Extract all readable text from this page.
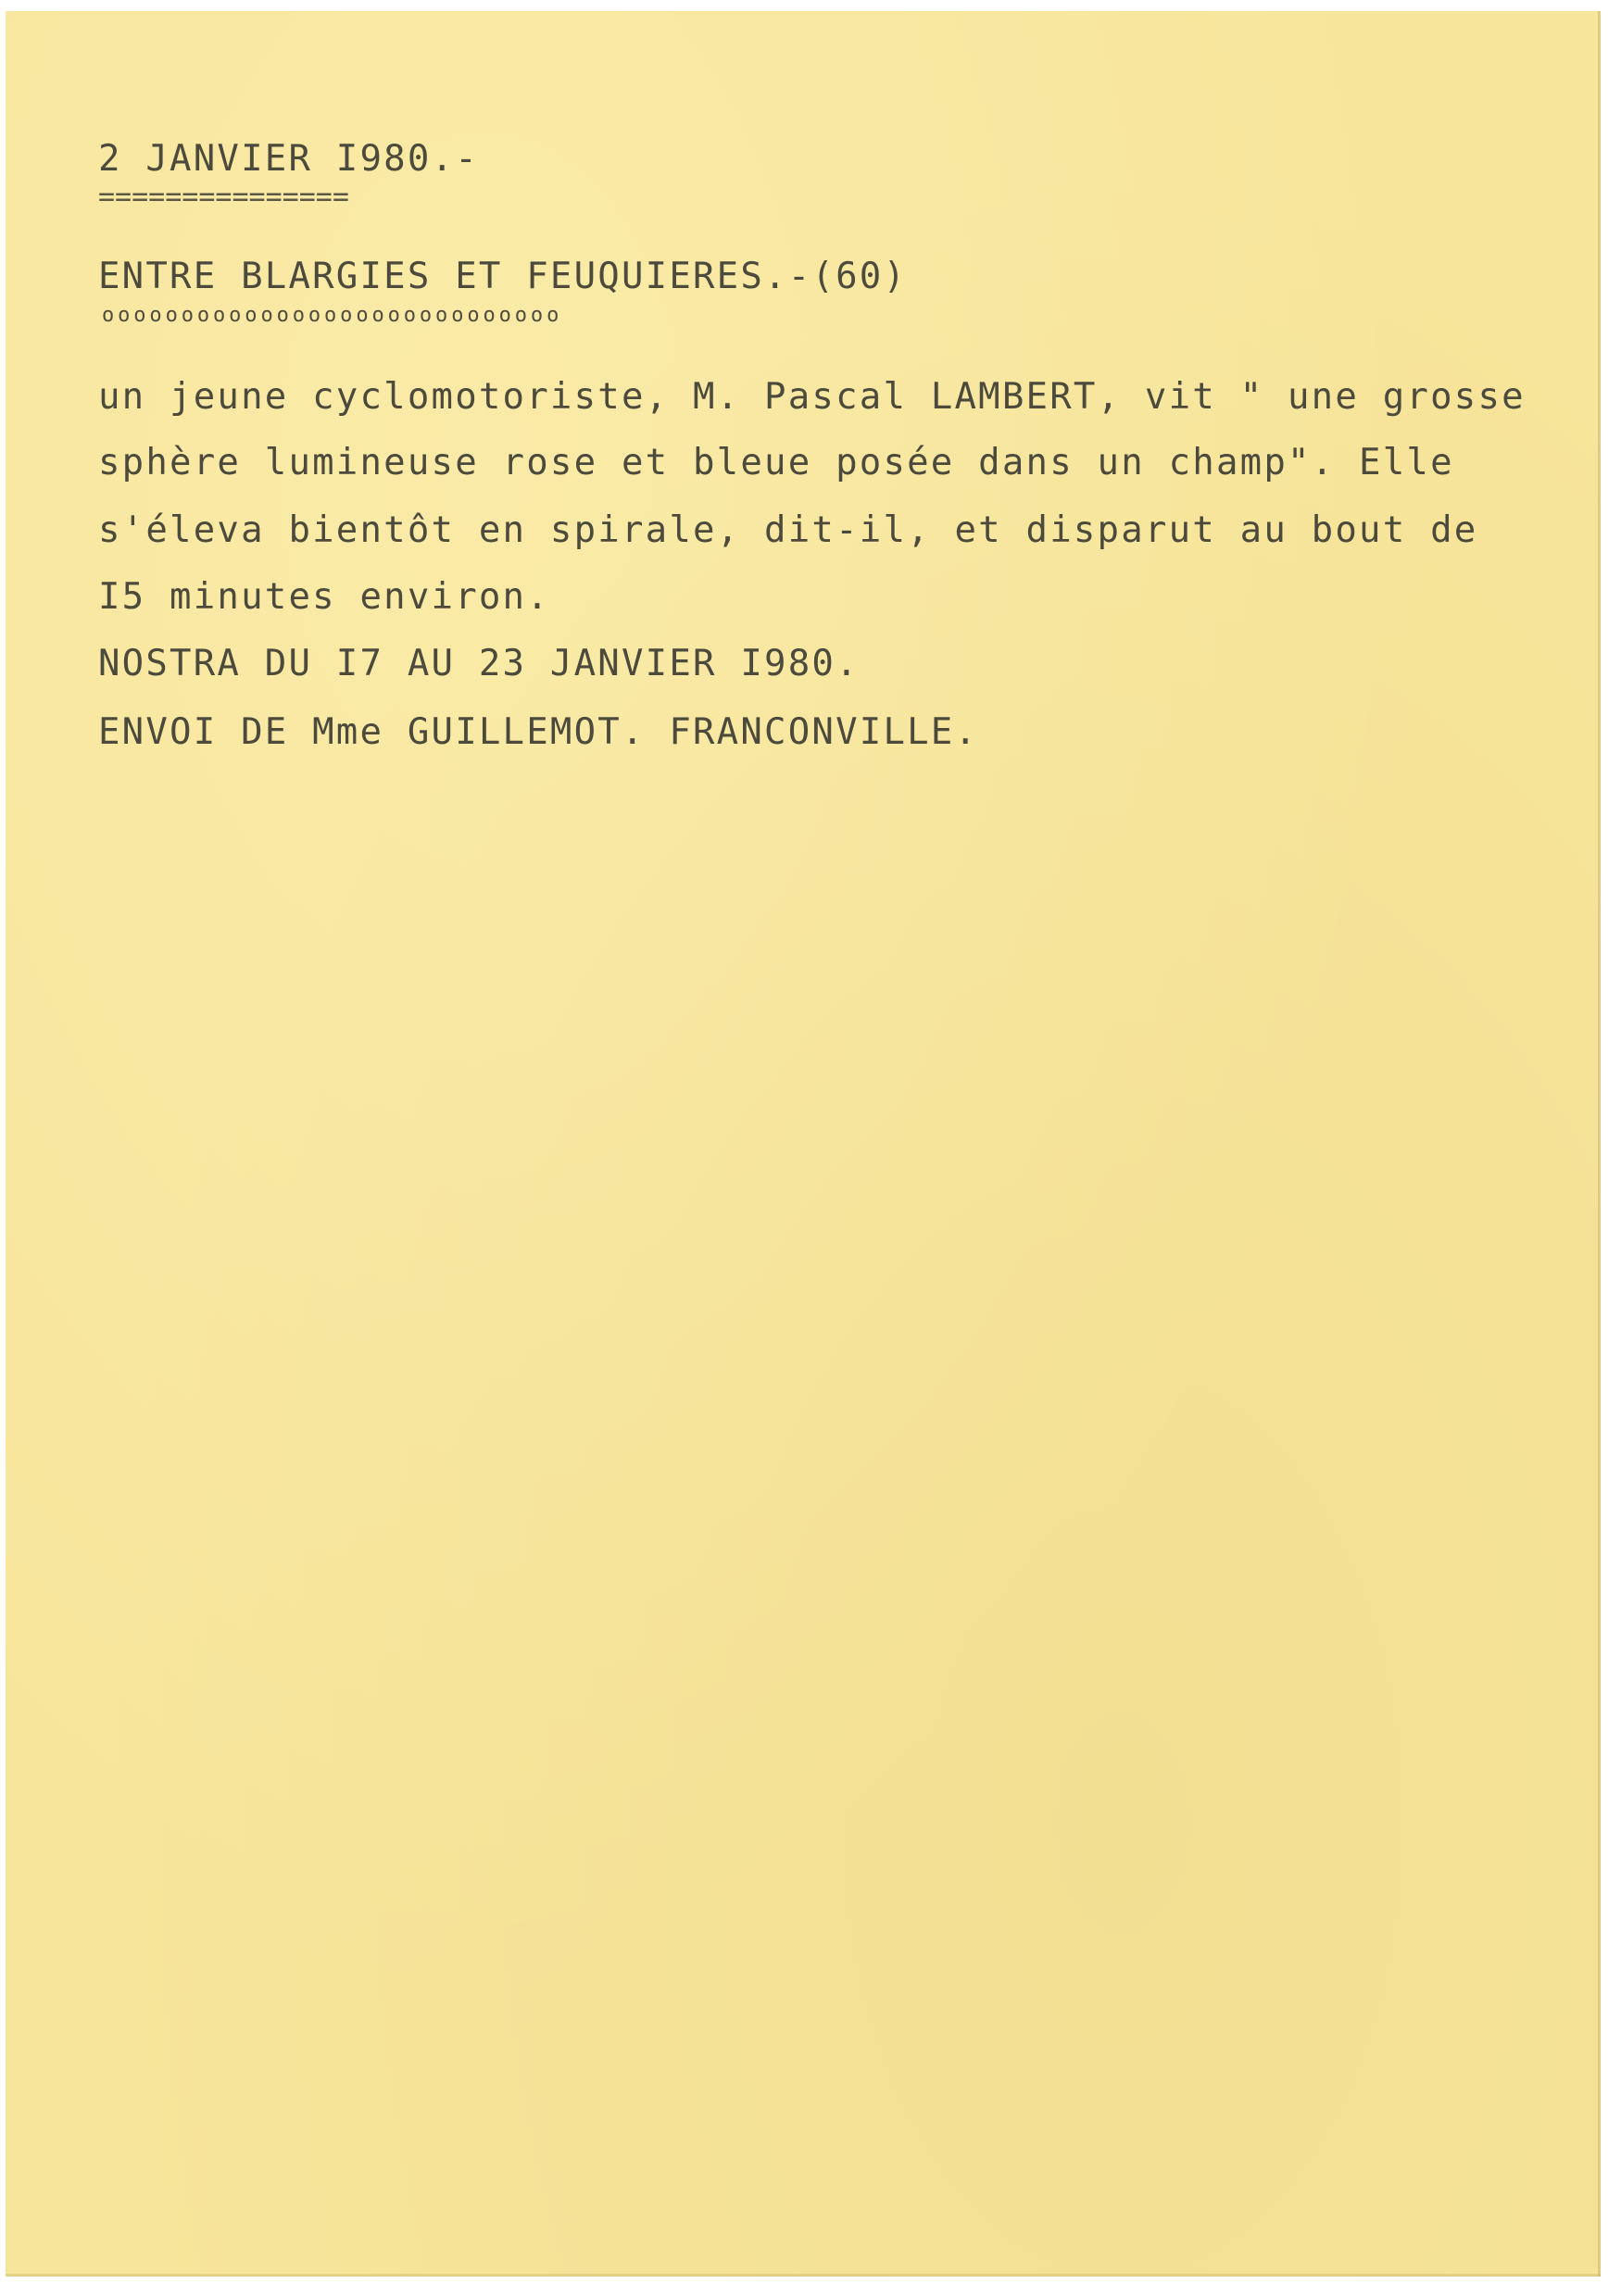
2 JANVIER I980.-
===============
ENTRE BLARGIES ET FEUQUIERES.-(60)
ooooooooooooooooooooooooooooo
un jeune cyclomotoriste, M. Pascal LAMBERT, vit " une grosse
sphère lumineuse rose et bleue posée dans un champ". Elle
s'éleva bientôt en spirale, dit-il, et disparut au bout de
I5 minutes environ.
NOSTRA DU I7 AU 23 JANVIER I980.
ENVOI DE Mme GUILLEMOT. FRANCONVILLE.
